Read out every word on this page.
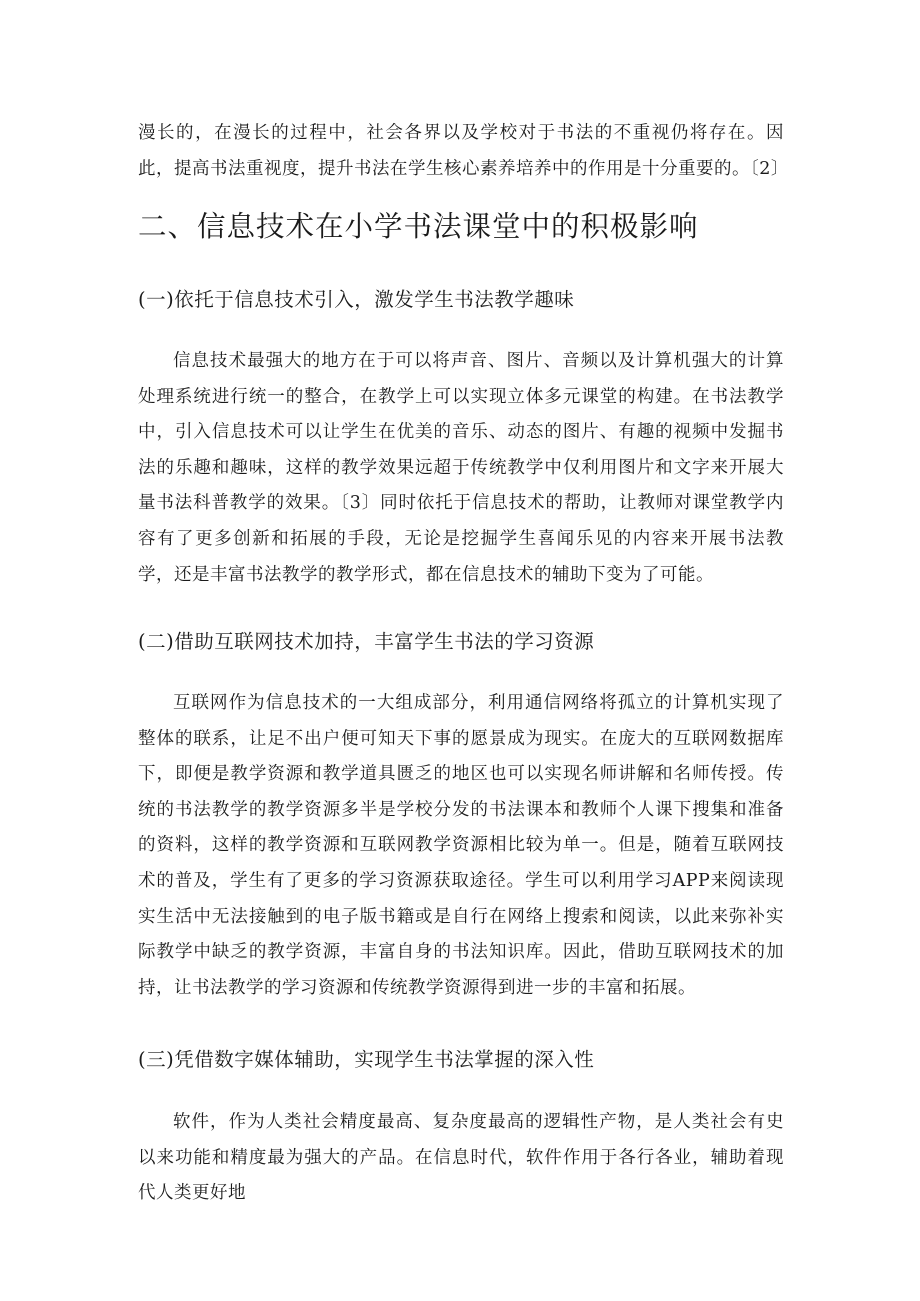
漫长的，在漫长的过程中，社会各界以及学校对于书法的不重视仍将存在。因此，提高书法重视度，提升书法在学生核心素养培养中的作用是十分重要的。〔2〕

二、信息技术在小学书法课堂中的积极影响
(一)依托于信息技术引入，激发学生书法教学趣味

信息技术最强大的地方在于可以将声音、图片、音频以及计算机强大的计算处理系统进行统一的整合，在教学上可以实现立体多元课堂的构建。在书法教学中，引入信息技术可以让学生在优美的音乐、动态的图片、有趣的视频中发掘书法的乐趣和趣味，这样的教学效果远超于传统教学中仅利用图片和文字来开展大量书法科普教学的效果。〔3〕同时依托于信息技术的帮助，让教师对课堂教学内容有了更多创新和拓展的手段，无论是挖掘学生喜闻乐见的内容来开展书法教学，还是丰富书法教学的教学形式，都在信息技术的辅助下变为了可能。

(二)借助互联网技术加持，丰富学生书法的学习资源

互联网作为信息技术的一大组成部分，利用通信网络将孤立的计算机实现了整体的联系，让足不出户便可知天下事的愿景成为现实。在庞大的互联网数据库下，即便是教学资源和教学道具匮乏的地区也可以实现名师讲解和名师传授。传统的书法教学的教学资源多半是学校分发的书法课本和教师个人课下搜集和准备的资料，这样的教学资源和互联网教学资源相比较为单一。但是，随着互联网技术的普及，学生有了更多的学习资源获取途径。学生可以利用学习APP来阅读现实生活中无法接触到的电子版书籍或是自行在网络上搜索和阅读，以此来弥补实际教学中缺乏的教学资源，丰富自身的书法知识库。因此，借助互联网技术的加持，让书法教学的学习资源和传统教学资源得到进一步的丰富和拓展。

(三)凭借数字媒体辅助，实现学生书法掌握的深入性

软件，作为人类社会精度最高、复杂度最高的逻辑性产物，是人类社会有史以来功能和精度最为强大的产品。在信息时代，软件作用于各行各业，辅助着现代人类更好地
